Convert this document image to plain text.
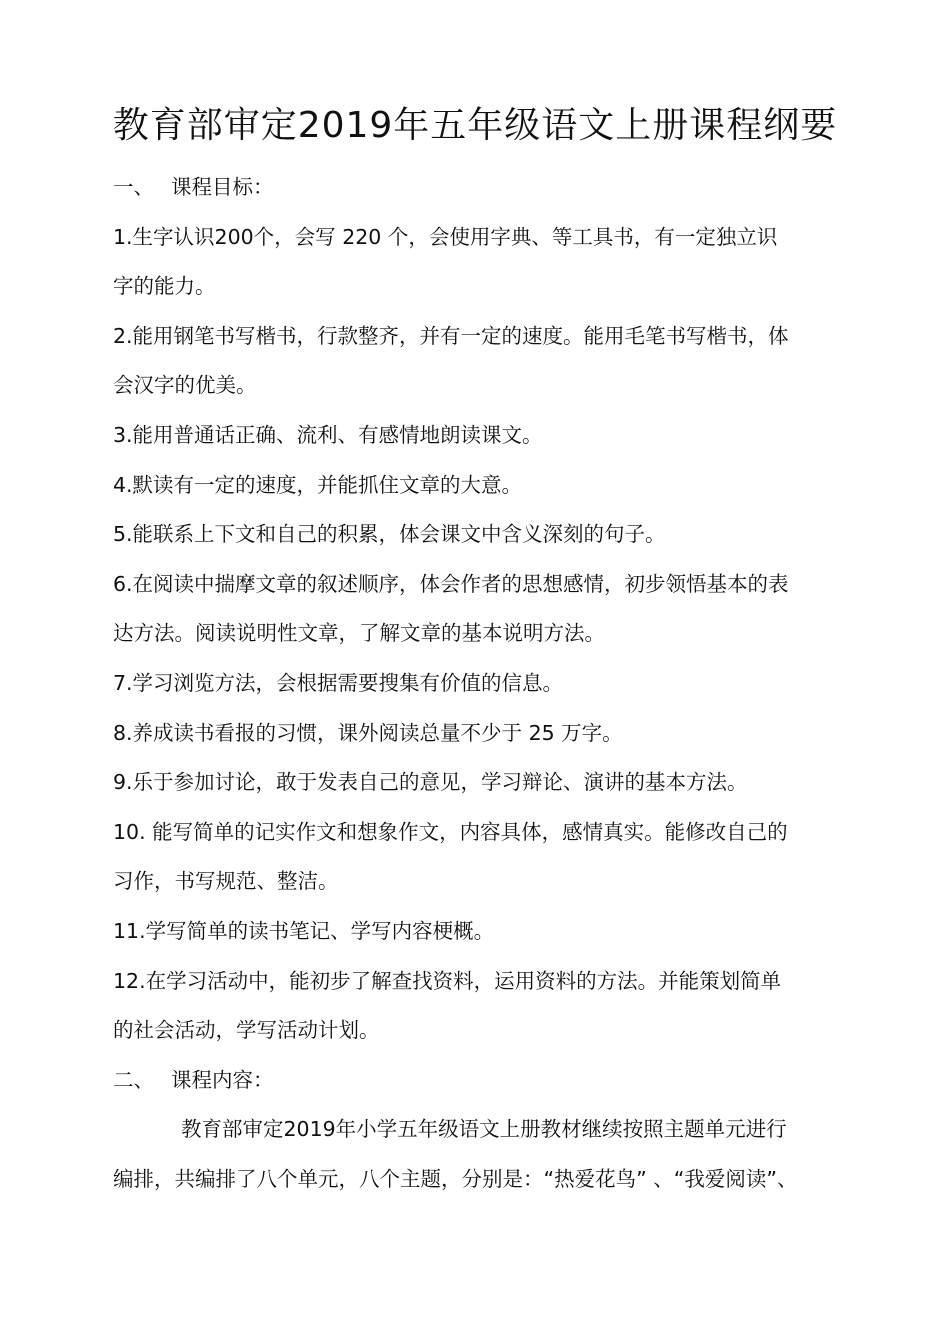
教育部审定2019年五年级语文上册课程纲要
一、 课程目标：
1.生字认识200个，会写 220 个，会使用字典、等工具书，有一定独立识
字的能力。
2.能用钢笔书写楷书，行款整齐，并有一定的速度。能用毛笔书写楷书，体
会汉字的优美。
3.能用普通话正确、流利、有感情地朗读课文。
4.默读有一定的速度，并能抓住文章的大意。
5.能联系上下文和自己的积累，体会课文中含义深刻的句子。
6.在阅读中揣摩文章的叙述顺序，体会作者的思想感情，初步领悟基本的表
达方法。阅读说明性文章，了解文章的基本说明方法。
7.学习浏览方法，会根据需要搜集有价值的信息。
8.养成读书看报的习惯，课外阅读总量不少于 25 万字。
9.乐于参加讨论，敢于发表自己的意见，学习辩论、演讲的基本方法。
10. 能写简单的记实作文和想象作文，内容具体，感情真实。能修改自己的
习作，书写规范、整洁。
11.学写简单的读书笔记、学写内容梗概。
12.在学习活动中，能初步了解查找资料，运用资料的方法。并能策划简单
的社会活动，学写活动计划。
二、 课程内容：
教育部审定2019年小学五年级语文上册教材继续按照主题单元进行
编排，共编排了八个单元，八个主题，分别是：“热爱花鸟” 、“我爱阅读”、
